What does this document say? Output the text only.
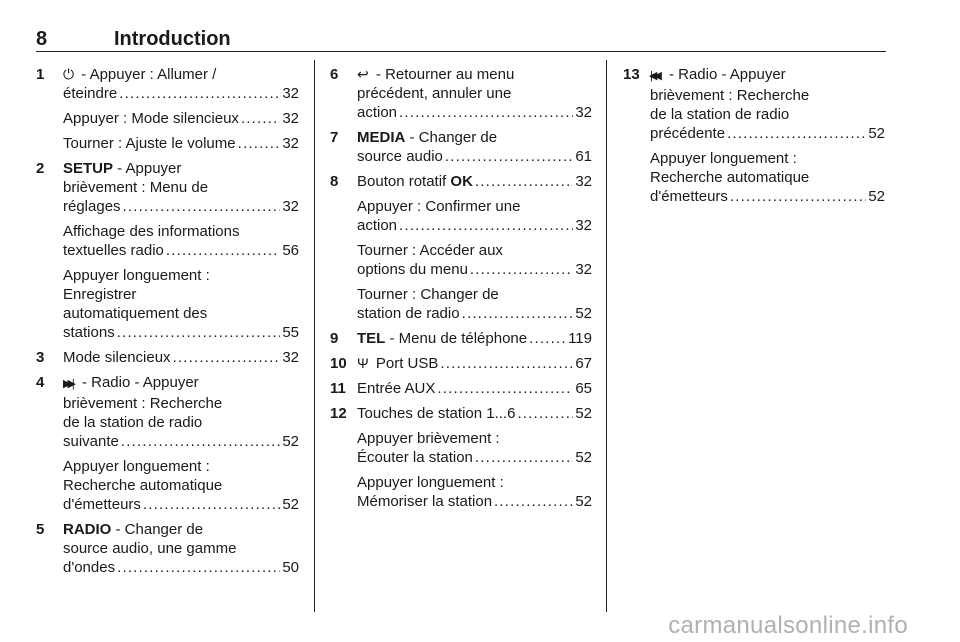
8	Introduction
1 ⏻ - Appuyer : Allumer /
éteindre .....	32
Appuyer : Mode silencieux .....	32
Tourner : Ajuste le volume .....	32
2 SETUP - Appuyer
brièvement : Menu de
réglages .....	32
Affichage des informations
textuelles radio .....	56
Appuyer longuement :
Enregistrer
automatiquement des
stations .....	55
3 Mode silencieux .....	32
4 ▶▶| - Radio - Appuyer
brièvement : Recherche
de la station de radio
suivante .....	52
Appuyer longuement :
Recherche automatique
d'émetteurs .....	52
5 RADIO - Changer de
source audio, une gamme
d'ondes .....	50
6 ↩ - Retourner au menu
précédent, annuler une
action .....	32
7 MEDIA - Changer de
source audio .....	61
8 Bouton rotatif OK .....	32
Appuyer : Confirmer une
action .....	32
Tourner : Accéder aux
options du menu .....	32
Tourner : Changer de
station de radio .....	52
9 TEL - Menu de téléphone .....	119
10 Ψ Port USB .....	67
11 Entrée AUX .....	65
12 Touches de station 1...6 .....	52
Appuyer brièvement :
Écouter la station .....	52
Appuyer longuement :
Mémoriser la station .....	52
13 |◀◀ - Radio - Appuyer
brièvement : Recherche
de la station de radio
précédente .....	52
Appuyer longuement :
Recherche automatique
d'émetteurs .....	52
carmanualsonline.info
